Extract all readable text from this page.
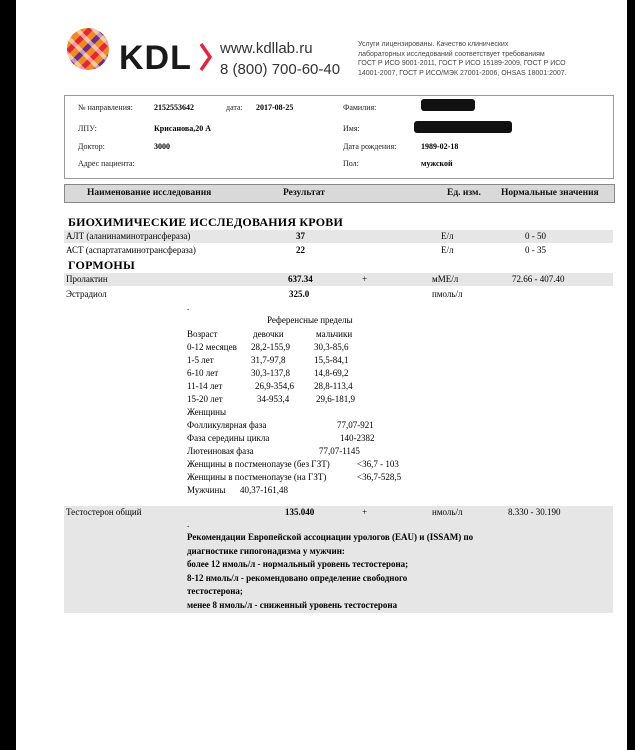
KDL www.kdllab.ru
8 (800) 700-60-40
Услуги лицензированы. Качество клинических
лабораторных исследований соответствует требованиям
ГОСТ Р ИСО 9001-2011, ГОСТ Р ИСО 15189-2009, ГОСТ Р ИСО
14001-2007, ГОСТ Р ИСО/МЭК 27001-2006, OHSAS 18001:2007.
№ направления:	2152553642	дата: 2017-08-25	Фамилия:
ЛПУ:	Крисанова,20 А	Имя:
Доктор:	3000	Дата рождения:	1989-02-18
Адрес пациента:	Пол:	мужской
Наименование исследования	Результат	Ед. изм. Нормальные значения
БИОХИМИЧЕСКИЕ ИССЛЕДОВАНИЯ КРОВИ
АЛТ (аланинаминотрансфераза)	37	Е/л	0 - 50
АСТ (аспартатаминотрансфераза)	22	Е/л	0 - 35
ГОРМОНЫ
Пролактин	637.34	+	мМЕ/л	72.66 - 407.40
Эстрадиол	325.0	пмоль/л
.
Референсные пределы
Возраст	девочки	мальчики
0-12 месяцев 28,2-155,9	30,3-85,6
1-5 лет	31,7-97,8	15,5-84,1
6-10 лет	30,3-137,8	14,8-69,2
11-14 лет	26,9-354,6 28,8-113,4
15-20 лет	34-953,4	29,6-181,9
Женщины
Фолликулярная фаза	77,07-921
Фаза середины цикла	140-2382
Лютеиновая фаза	77,07-1145
Женщины в постменопаузе (без ГЗТ)	<36,7 - 103
Женщины в постменопаузе (на ГЗТ)	<36,7-528,5
Мужчины 40,37-161,48
Тестостерон общий	135.040	+	нмоль/л	8.330 - 30.190
.
Рекомендации Европейской ассоциации урологов (EAU) и (ISSAM) по
диагностике гипогонадизма у мужчин:
более 12 нмоль/л - нормальный уровень тестостерона;
8-12 нмоль/л - рекомендовано определение свободного
тестостерона;
менее 8 нмоль/л - сниженный уровень тестостерона
